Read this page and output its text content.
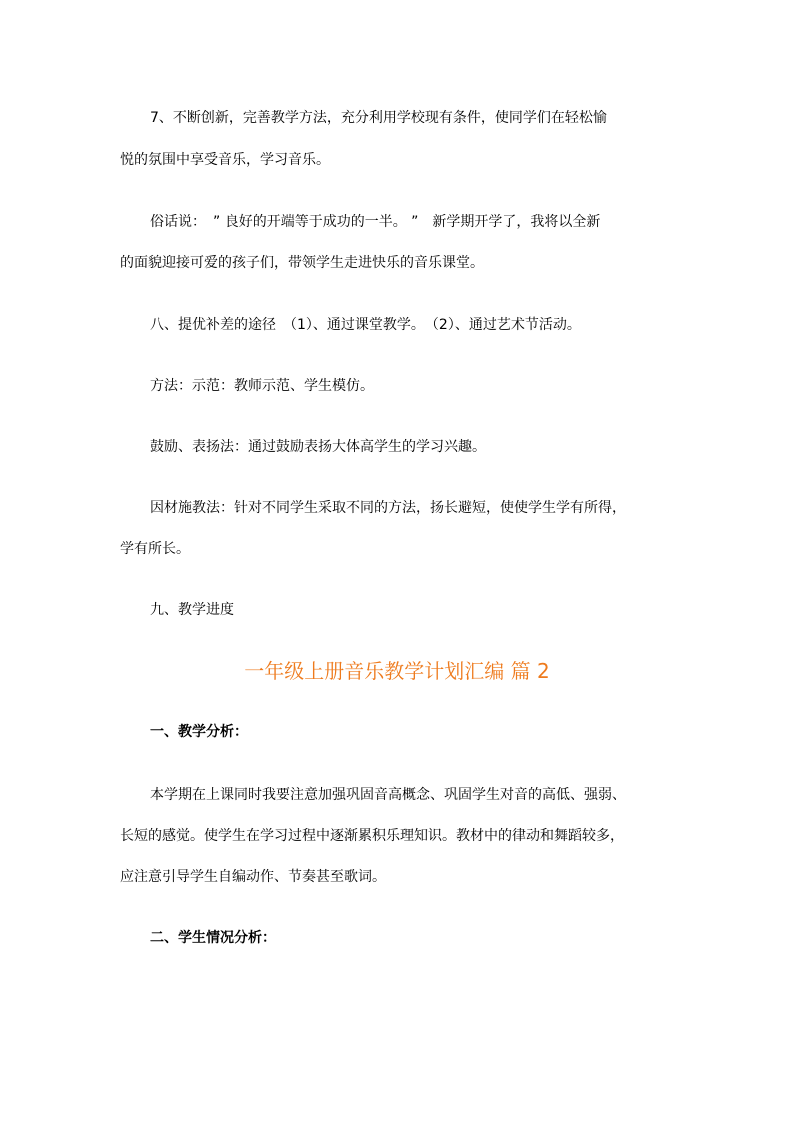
7、不断创新，完善教学方法，充分利用学校现有条件，使同学们在轻松愉
悦的氛围中享受音乐，学习音乐。
俗话说：　” 良好的开端等于成功的一半。 ”　新学期开学了，我将以全新
的面貌迎接可爱的孩子们，带领学生走进快乐的音乐课堂。
八、提优补差的途径　（1）、通过课堂教学。　（2）、通过艺术节活动。
方法：示范：教师示范、学生模仿。
鼓励、表扬法：通过鼓励表扬大体高学生的学习兴趣。
因材施教法：针对不同学生采取不同的方法，扬长避短，使使学生学有所得，
学有所长。
九、教学进度
一年级上册音乐教学计划汇编 篇 2
一、教学分析：
本学期在上课同时我要注意加强巩固音高概念、巩固学生对音的高低、强弱、
长短的感觉。使学生在学习过程中逐渐累积乐理知识。教材中的律动和舞蹈较多，
应注意引导学生自编动作、节奏甚至歌词。
二、学生情况分析：
